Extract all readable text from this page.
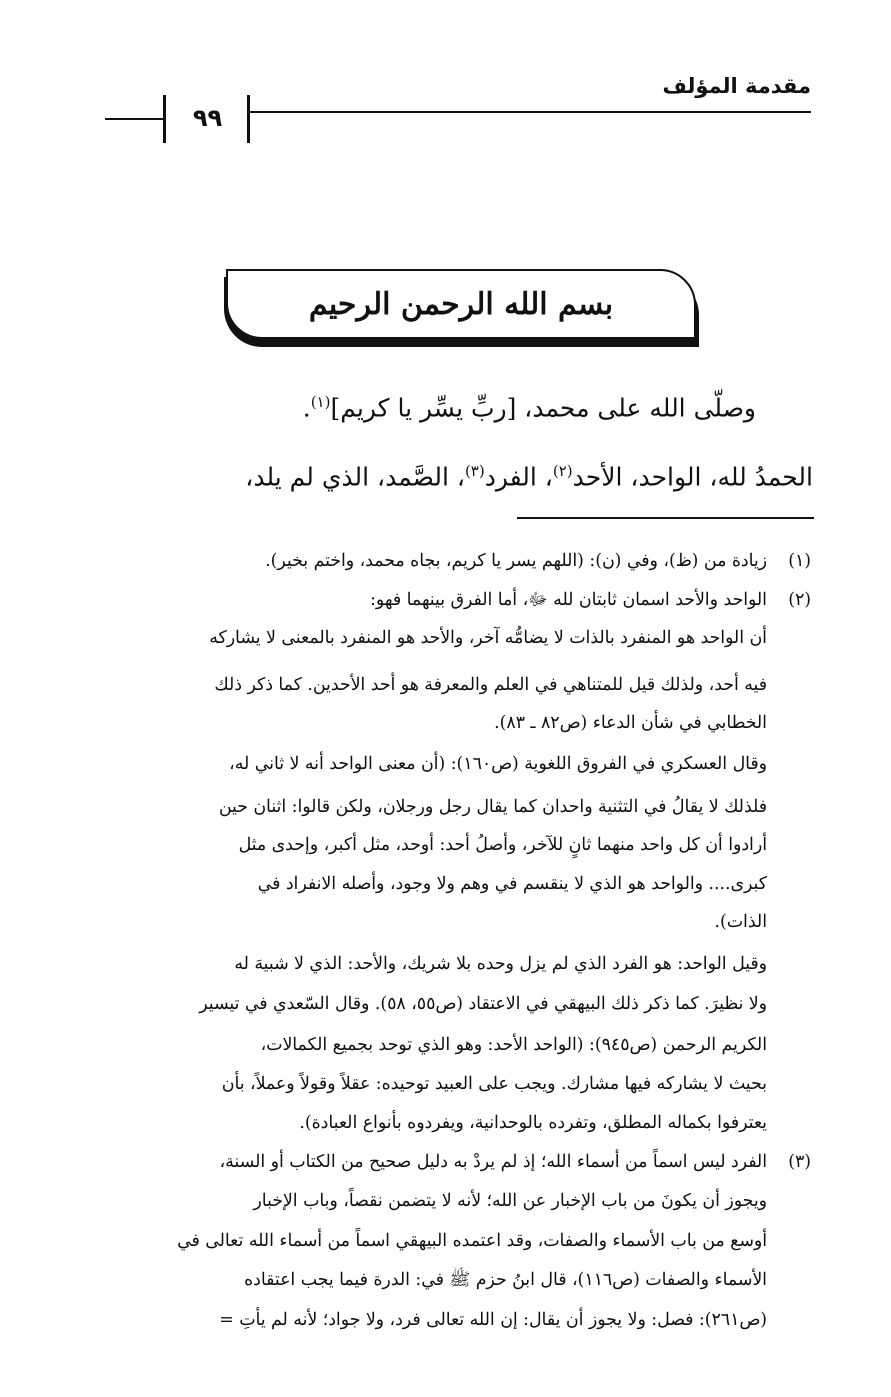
مقدمة المؤلف
٩٩
بسم الله الرحمن الرحيم
وصلّى الله على محمد، [ربِّ يسِّر يا كريم]$^{(١)}$.
الحمدُ لله، الواحد، الأحد$^{(٢)}$، الفرد$^{(٣)}$، الصَّمد، الذي لم يلد،
(١)زيادة من (ظ)، وفي (ن): (اللهم يسر يا كريم، بجاه محمد، واختم بخير).
(٢)الواحد والأحد اسمان ثابتان لله ﷻ، أما الفرق بينهما فهو:
أن الواحد هو المنفرد بالذات لا يضامُّه آخر، والأحد هو المنفرد بالمعنى لا يشاركه
فيه أحد، ولذلك قيل للمتناهي في العلم والمعرفة هو أحد الأحدين. كما ذكر ذلك
الخطابي في شأن الدعاء (ص٨٢ ـ ٨٣).
وقال العسكري في الفروق اللغوية (ص١٦٠): (أن معنى الواحد أنه لا ثاني له،
فلذلك لا يقالُ في التثنية واحدان كما يقال رجل ورجلان، ولكن قالوا: اثنان حين
أرادوا أن كل واحد منهما ثانٍ للآخر، وأصلُ أحد: أوحد، مثل أكبر، وإحدى مثل
كبرى.... والواحد هو الذي لا ينقسم في وهم ولا وجود، وأصله الانفراد في
الذات).
وقيل الواحد: هو الفرد الذي لم يزل وحده بلا شريك، والأحد: الذي لا شبيهَ له
ولا نظيرَ. كما ذكر ذلك البيهقي في الاعتقاد (ص٥٥، ٥٨). وقال السّعدي في تيسير
الكريم الرحمن (ص٩٤٥): (الواحد الأحد: وهو الذي توحد بجميع الكمالات،
بحيث لا يشاركه فيها مشارك. ويجب على العبيد توحيده: عقلاً وقولاً وعملاً، بأن
يعترفوا بكماله المطلق، وتفرده بالوحدانية، ويفردوه بأنواع العبادة).
(٣)الفرد ليس اسماً من أسماء الله؛ إذ لم يردْ به دليل صحيح من الكتاب أو السنة،
ويجوز أن يكونَ من باب الإخبار عن الله؛ لأنه لا يتضمن نقصاً، وباب الإخبار
أوسع من باب الأسماء والصفات، وقد اعتمده البيهقي اسماً من أسماء الله تعالى في
الأسماء والصفات (ص١١٦)، قال ابنُ حزم ﷺ في: الدرة فيما يجب اعتقاده
(ص٢٦١): فصل: ولا يجوز أن يقال: إن الله تعالى فرد، ولا جواد؛ لأنه لم يأتِ =
